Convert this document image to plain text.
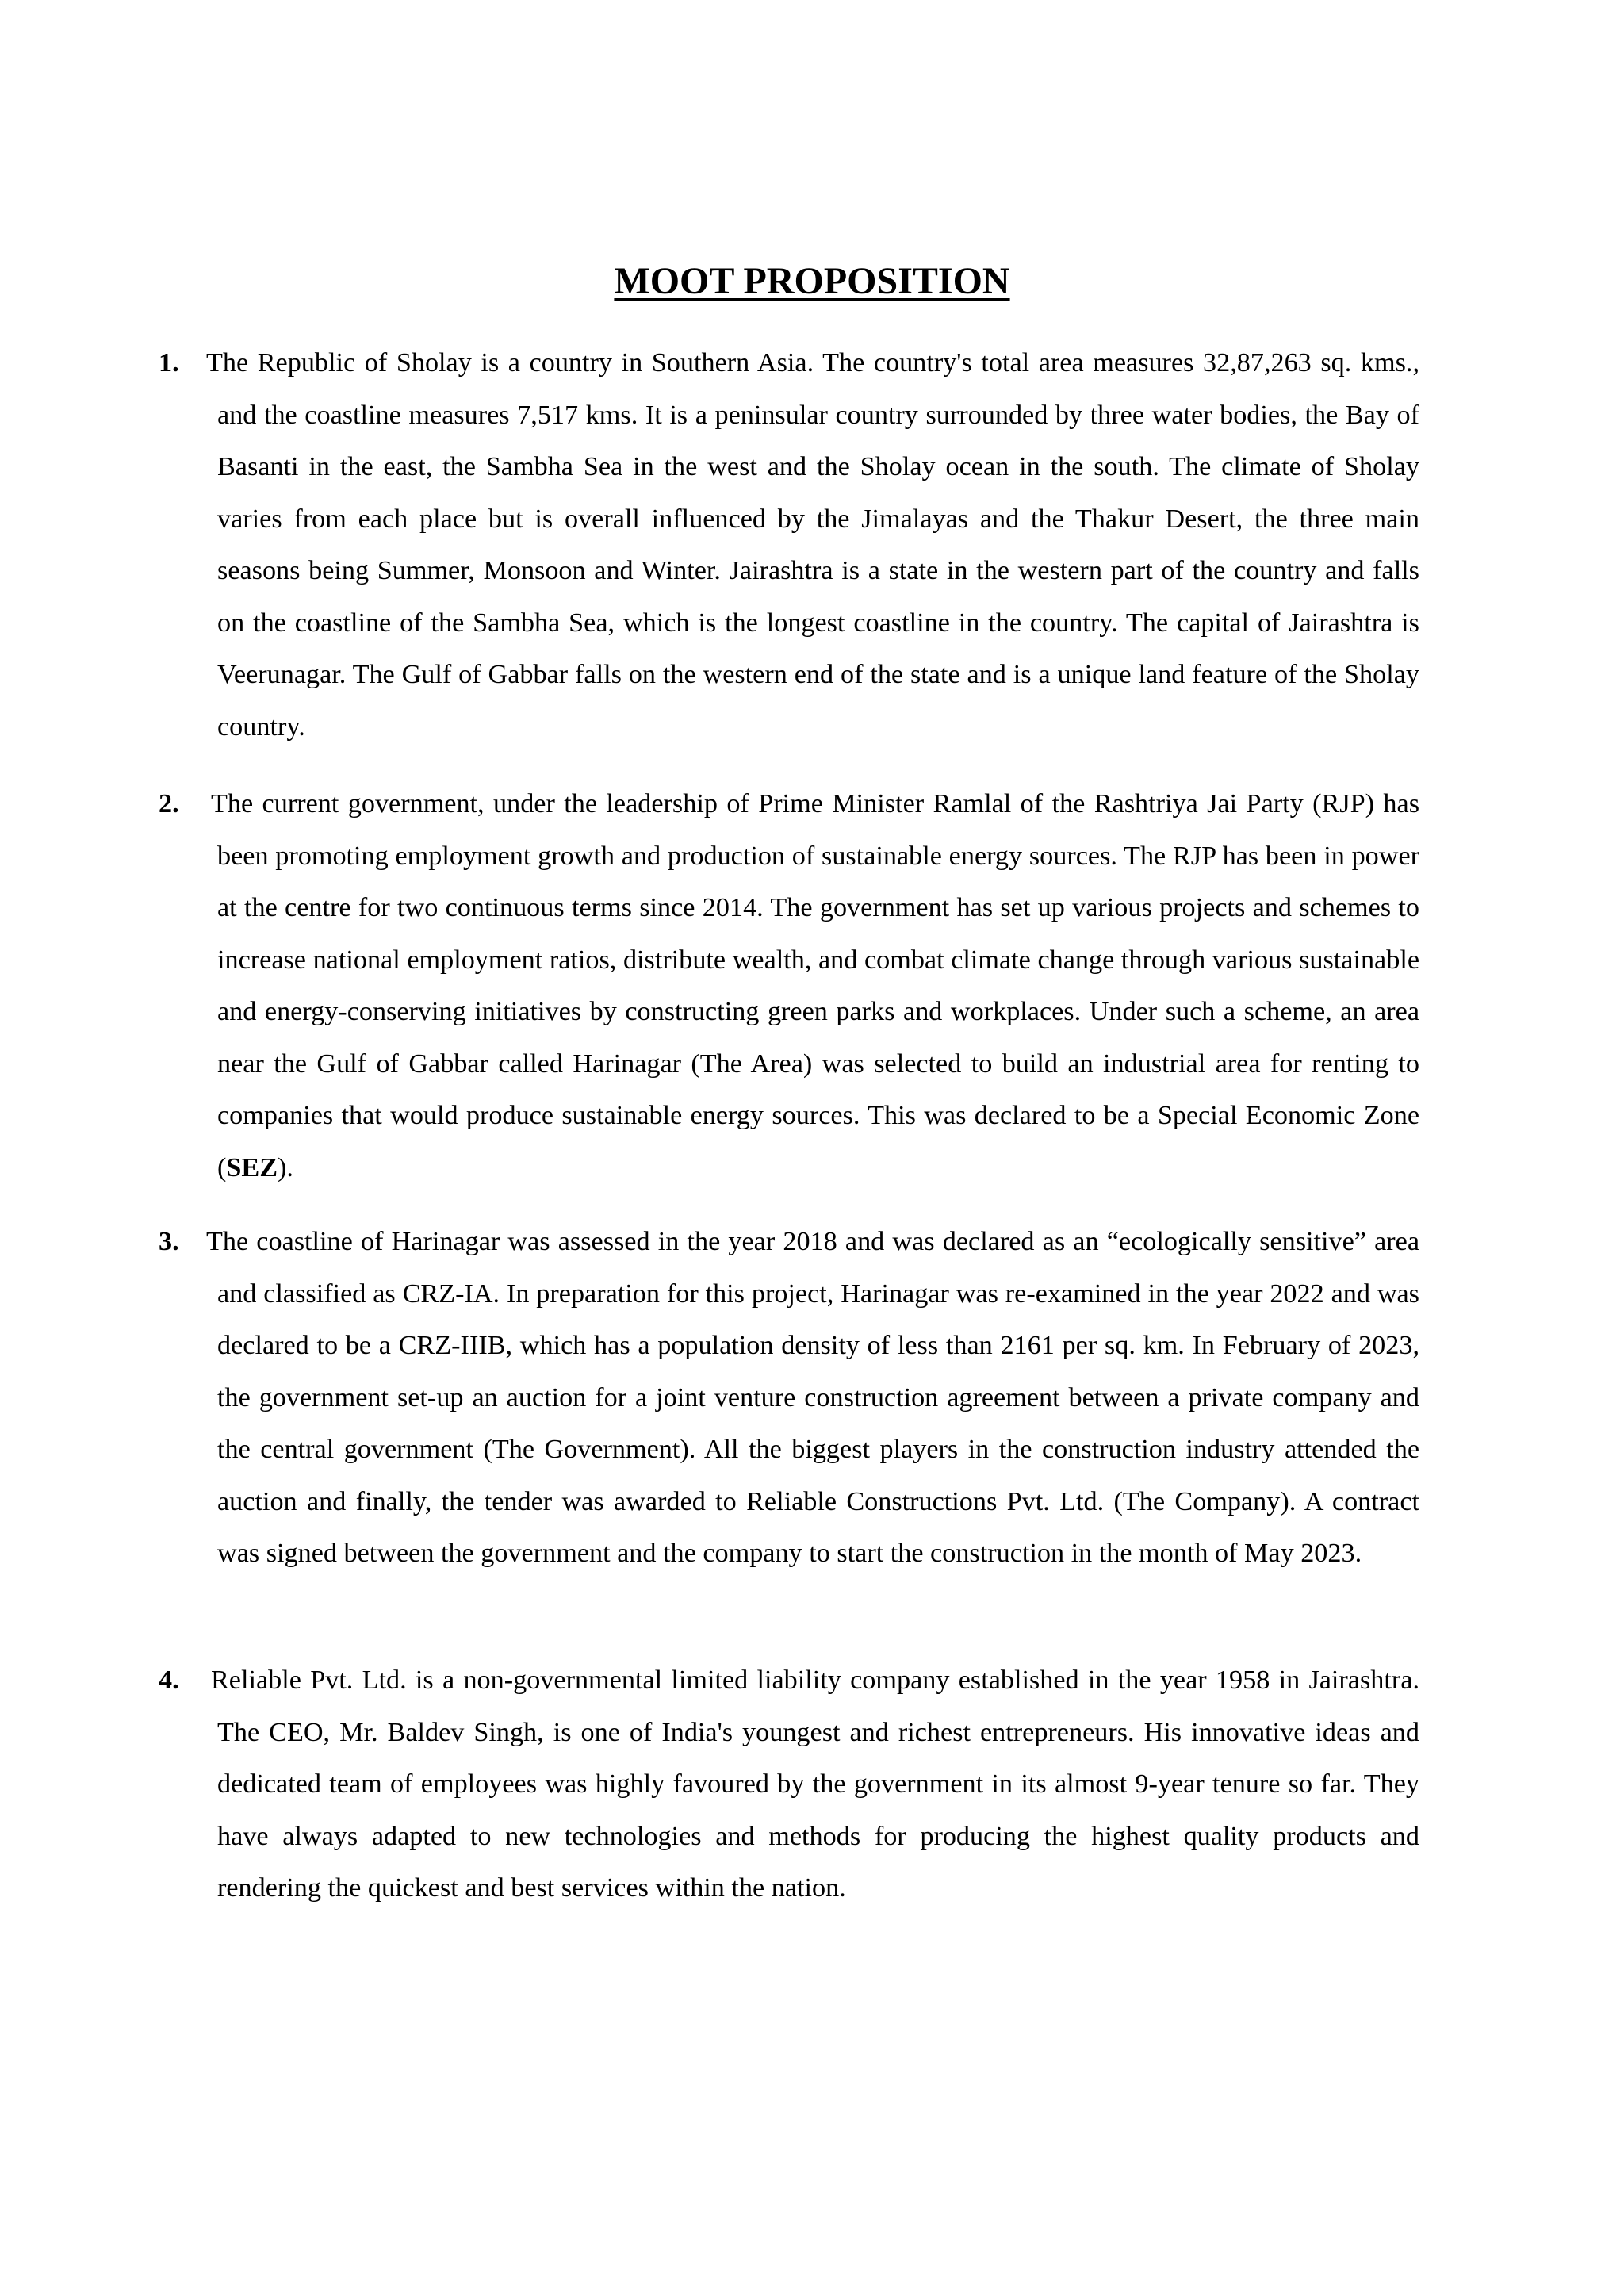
MOOT PROPOSITION
1.	The Republic of Sholay is a country in Southern Asia. The country's total area measures 32,87,263 sq. kms., and the coastline measures 7,517 kms. It is a peninsular country surrounded by three water bodies, the Bay of Basanti in the east, the Sambha Sea in the west and the Sholay ocean in the south. The climate of Sholay varies from each place but is overall influenced by the Jimalayas and the Thakur Desert, the three main seasons being Summer, Monsoon and Winter. Jairashtra is a state in the western part of the country and falls on the coastline of the Sambha Sea, which is the longest coastline in the country. The capital of Jairashtra is Veerunagar. The Gulf of Gabbar falls on the western end of the state and is a unique land feature of the Sholay country.
2.	The current government, under the leadership of Prime Minister Ramlal of the Rashtriya Jai Party (RJP) has been promoting employment growth and production of sustainable energy sources. The RJP has been in power at the centre for two continuous terms since 2014. The government has set up various projects and schemes to increase national employment ratios, distribute wealth, and combat climate change through various sustainable and energy-conserving initiatives by constructing green parks and workplaces. Under such a scheme, an area near the Gulf of Gabbar called Harinagar (The Area) was selected to build an industrial area for renting to companies that would produce sustainable energy sources. This was declared to be a Special Economic Zone (SEZ).
3.	The coastline of Harinagar was assessed in the year 2018 and was declared as an “ecologically sensitive” area and classified as CRZ-IA. In preparation for this project, Harinagar was re-examined in the year 2022 and was declared to be a CRZ-IIIB, which has a population density of less than 2161 per sq. km. In February of 2023, the government set-up an auction for a joint venture construction agreement between a private company and the central government (The Government). All the biggest players in the construction industry attended the auction and finally, the tender was awarded to Reliable Constructions Pvt. Ltd. (The Company). A contract was signed between the government and the company to start the construction in the month of May 2023.
4.	Reliable Pvt. Ltd. is a non-governmental limited liability company established in the year 1958 in Jairashtra. The CEO, Mr. Baldev Singh, is one of India's youngest and richest entrepreneurs. His innovative ideas and dedicated team of employees was highly favoured by the government in its almost 9-year tenure so far. They have always adapted to new technologies and methods for producing the highest quality products and rendering the quickest and best services within the nation.
